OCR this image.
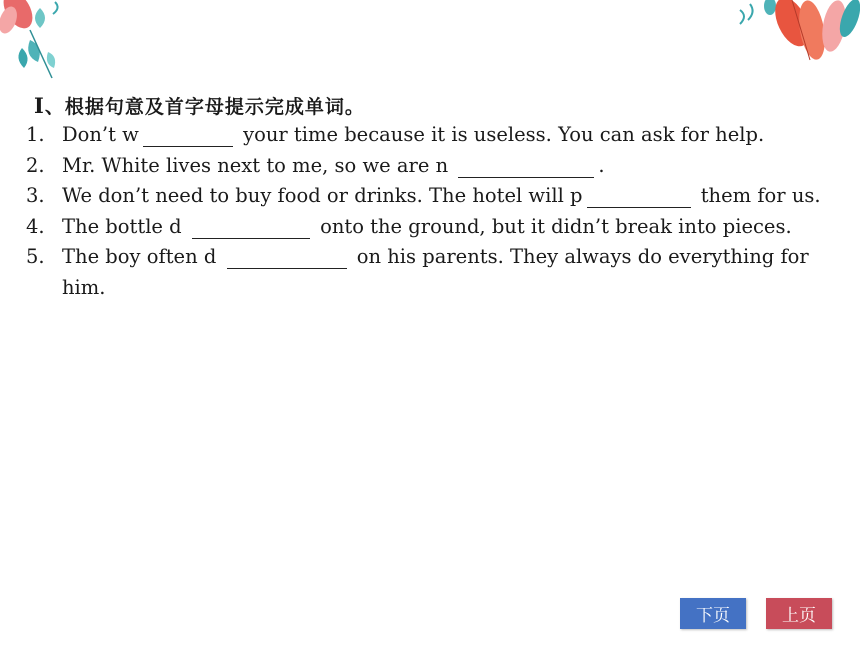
I、根据句意及首字母提示完成单词。
1. Don’t w	your time because it is useless. You can ask for help.
2. Mr. White lives next to me, so we are n	.
3. We don’t need to buy food or drinks. The hotel will p	them for us.
4. The bottle d	onto the ground, but it didn’t break into pieces.
5. The boy often d	on his parents. They always do everything for him.
下页	上页
